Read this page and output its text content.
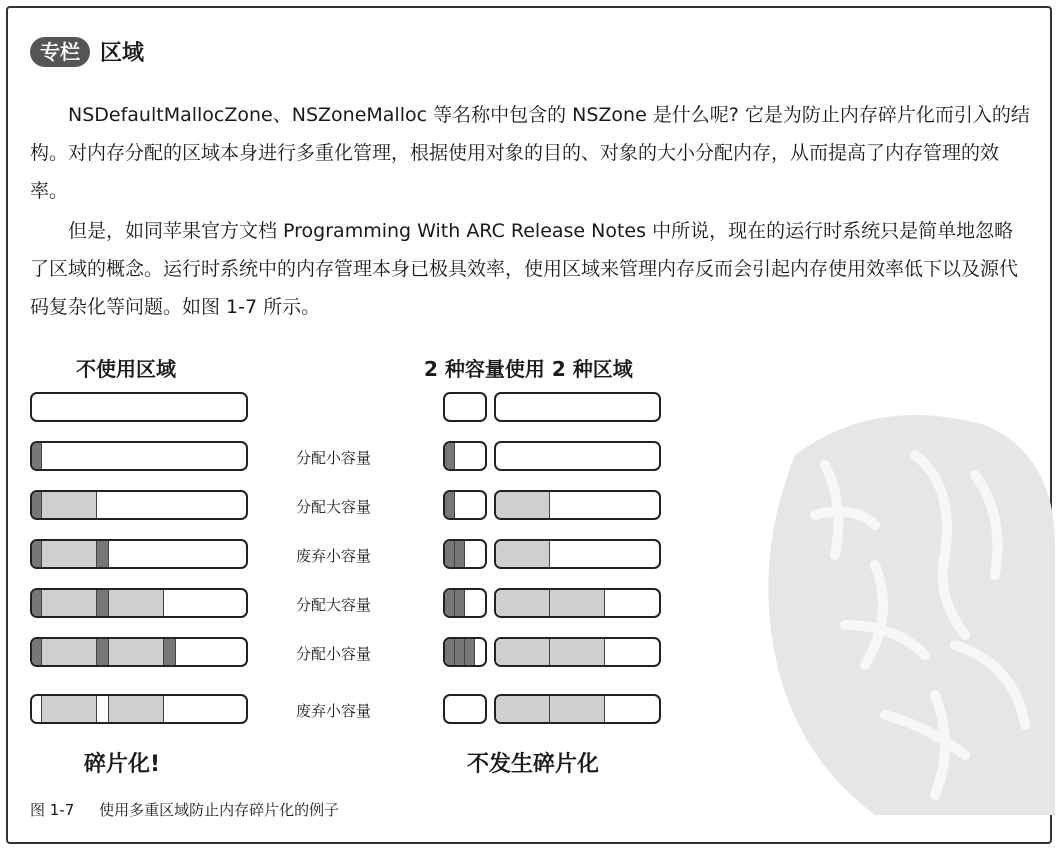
专栏 区域

NSDefaultMallocZone、NSZoneMalloc 等名称中包含的 NSZone 是什么呢? 它是为防止内存碎片化而引入的结构。对内存分配的区域本身进行多重化管理，根据使用对象的目的、对象的大小分配内存，从而提高了内存管理的效率。

但是，如同苹果官方文档 Programming With ARC Release Notes 中所说，现在的运行时系统只是简单地忽略了区域的概念。运行时系统中的内存管理本身已极具效率，使用区域来管理内存反而会引起内存使用效率低下以及源代码复杂化等问题。如图 1-7 所示。

不使用区域	2 种容量使用 2 种区域
分配小容量
分配大容量
废弃小容量
分配大容量
分配小容量
废弃小容量
碎片化!	不发生碎片化
图 1-7 使用多重区域防止内存碎片化的例子
